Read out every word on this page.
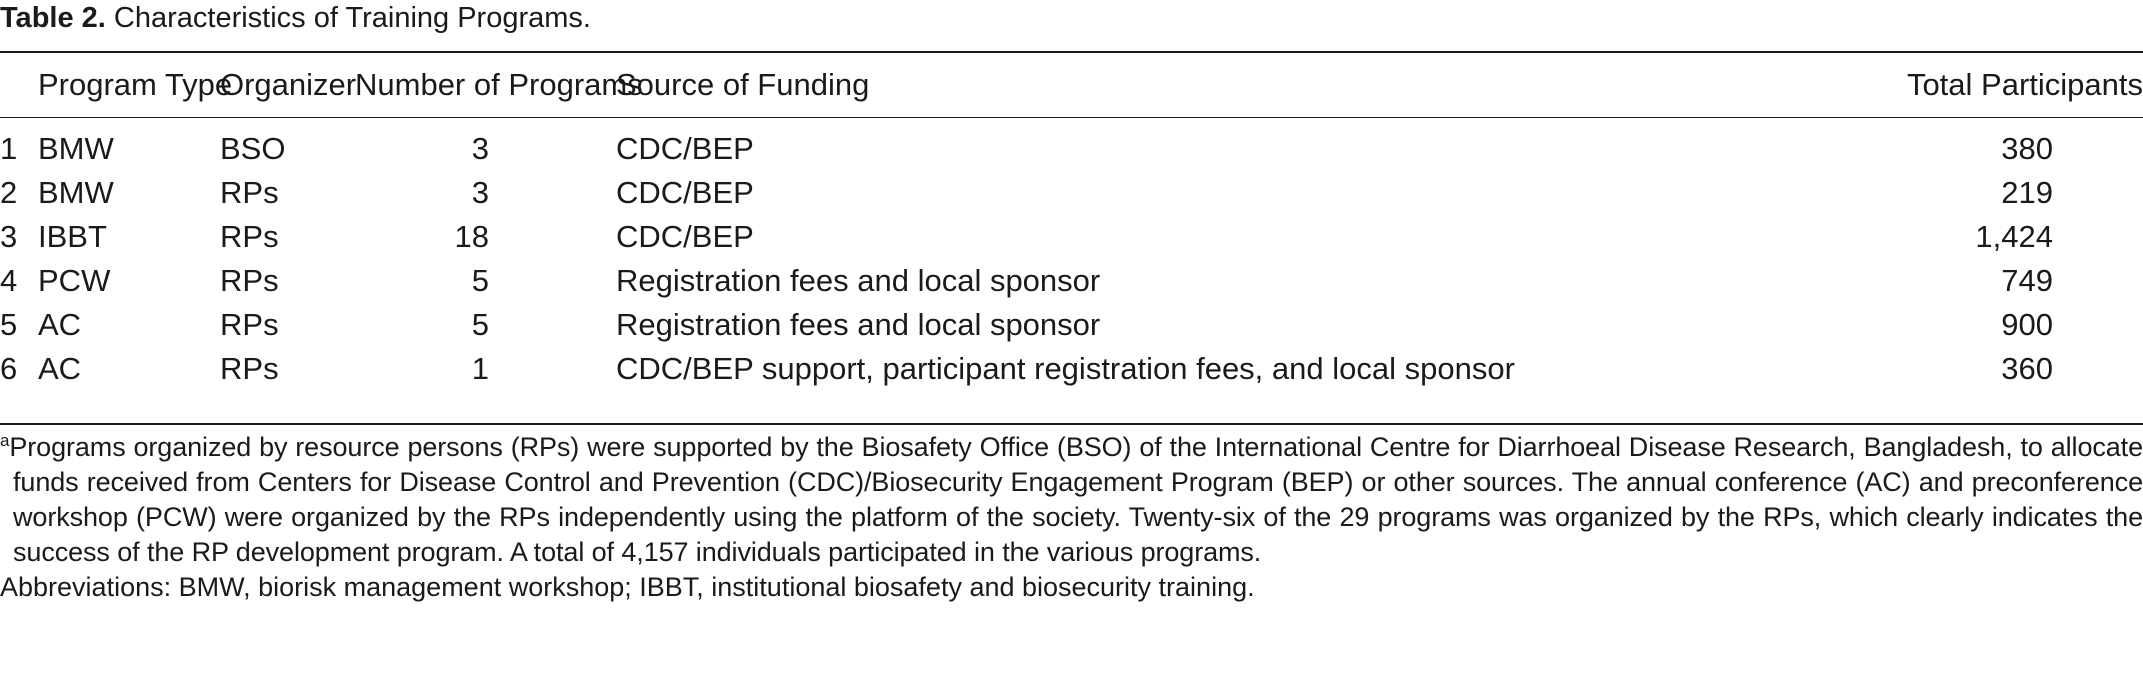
Table 2. Characteristics of Training Programs.
	Program Type	Organizer	Number of Programs	Source of Funding	Total Participants
1	BMW	BSO	3	CDC/BEP	380
2	BMW	RPs	3	CDC/BEP	219
3	IBBT	RPs	18	CDC/BEP	1,424
4	PCW	RPs	5	Registration fees and local sponsor	749
5	AC	RPs	5	Registration fees and local sponsor	900
6	AC	RPs	1	CDC/BEP support, participant registration fees, and local sponsor	360
$^a$Programs organized by resource persons (RPs) were supported by the Biosafety Office (BSO) of the International Centre for Diarrhoeal Disease Research, Bangladesh, to allocate funds received from Centers for Disease Control and Prevention (CDC)/Biosecurity Engagement Program (BEP) or other sources. The annual conference (AC) and preconference workshop (PCW) were organized by the RPs independently using the platform of the society. Twenty-six of the 29 programs was organized by the RPs, which clearly indicates the success of the RP development program. A total of 4,157 individuals participated in the various programs.
Abbreviations: BMW, biorisk management workshop; IBBT, institutional biosafety and biosecurity training.
